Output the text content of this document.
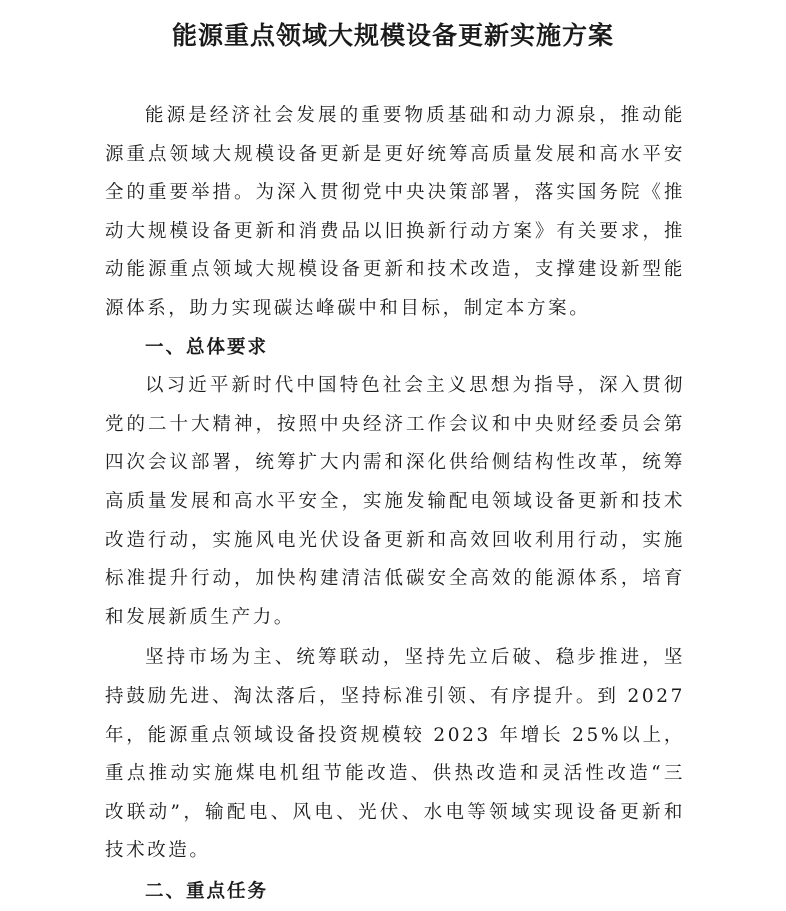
能源重点领域大规模设备更新实施方案

能源是经济社会发展的重要物质基础和动力源泉，推动能源重点领域大规模设备更新是更好统筹高质量发展和高水平安全的重要举措。为深入贯彻党中央决策部署，落实国务院《推动大规模设备更新和消费品以旧换新行动方案》有关要求，推动能源重点领域大规模设备更新和技术改造，支撑建设新型能源体系，助力实现碳达峰碳中和目标，制定本方案。

一、总体要求

以习近平新时代中国特色社会主义思想为指导，深入贯彻党的二十大精神，按照中央经济工作会议和中央财经委员会第四次会议部署，统筹扩大内需和深化供给侧结构性改革，统筹高质量发展和高水平安全，实施发输配电领域设备更新和技术改造行动，实施风电光伏设备更新和高效回收利用行动，实施标准提升行动，加快构建清洁低碳安全高效的能源体系，培育和发展新质生产力。

坚持市场为主、统筹联动，坚持先立后破、稳步推进，坚持鼓励先进、淘汰落后，坚持标准引领、有序提升。到 2027 年，能源重点领域设备投资规模较 2023 年增长 25%以上，重点推动实施煤电机组节能改造、供热改造和灵活性改造“三改联动”，输配电、风电、光伏、水电等领域实现设备更新和技术改造。

二、重点任务
